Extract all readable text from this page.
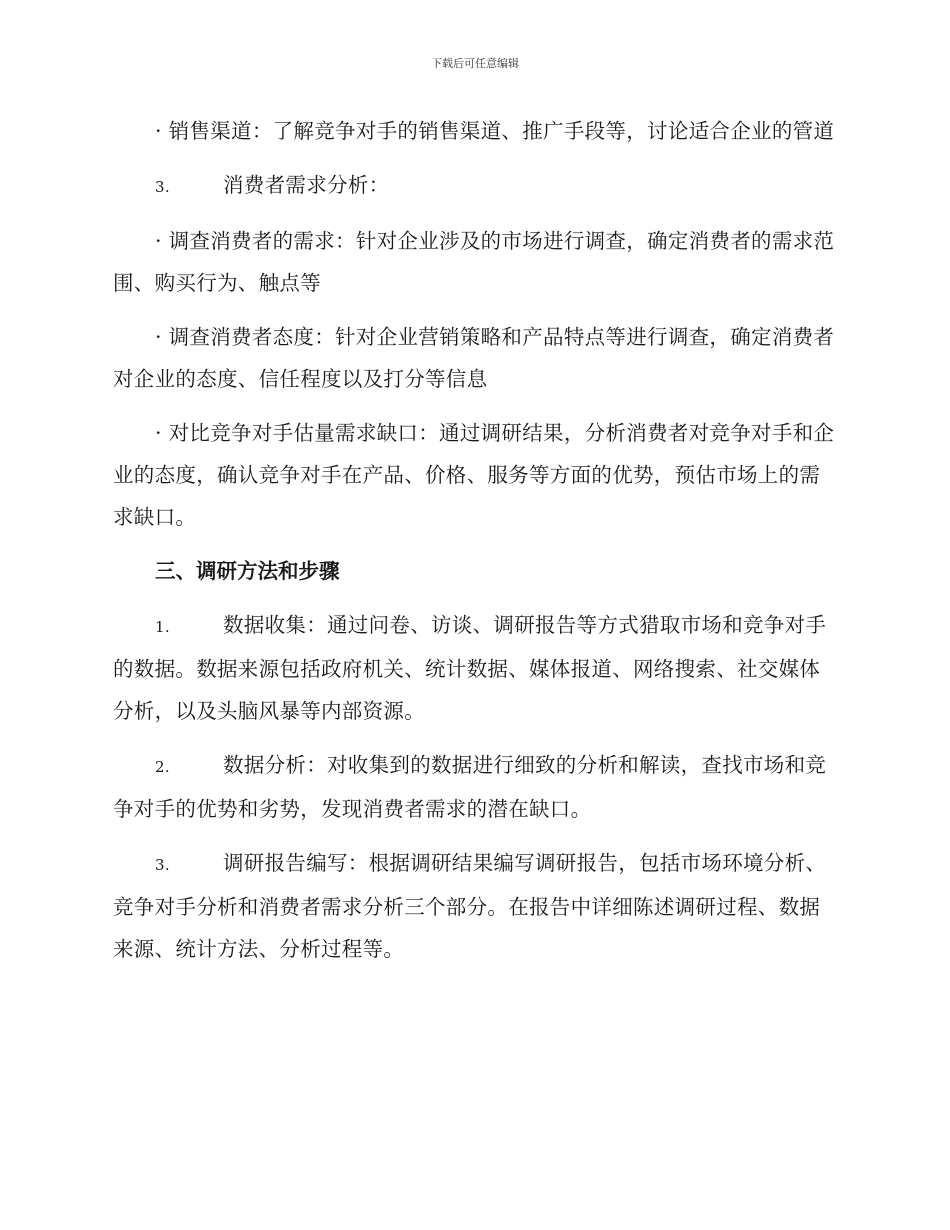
下载后可任意编辑

· 销售渠道：了解竞争对手的销售渠道、推广手段等，讨论适合企业的管道

3.	消费者需求分析：

· 调查消费者的需求：针对企业涉及的市场进行调查，确定消费者的需求范围、购买行为、触点等

· 调查消费者态度：针对企业营销策略和产品特点等进行调查，确定消费者对企业的态度、信任程度以及打分等信息

· 对比竞争对手估量需求缺口：通过调研结果，分析消费者对竞争对手和企业的态度，确认竞争对手在产品、价格、服务等方面的优势，预估市场上的需求缺口。

三、调研方法和步骤

1.	数据收集：通过问卷、访谈、调研报告等方式猎取市场和竞争对手的数据。数据来源包括政府机关、统计数据、媒体报道、网络搜索、社交媒体分析，以及头脑风暴等内部资源。

2.	数据分析：对收集到的数据进行细致的分析和解读，查找市场和竞争对手的优势和劣势，发现消费者需求的潜在缺口。

3.	调研报告编写：根据调研结果编写调研报告，包括市场环境分析、竞争对手分析和消费者需求分析三个部分。在报告中详细陈述调研过程、数据来源、统计方法、分析过程等。
